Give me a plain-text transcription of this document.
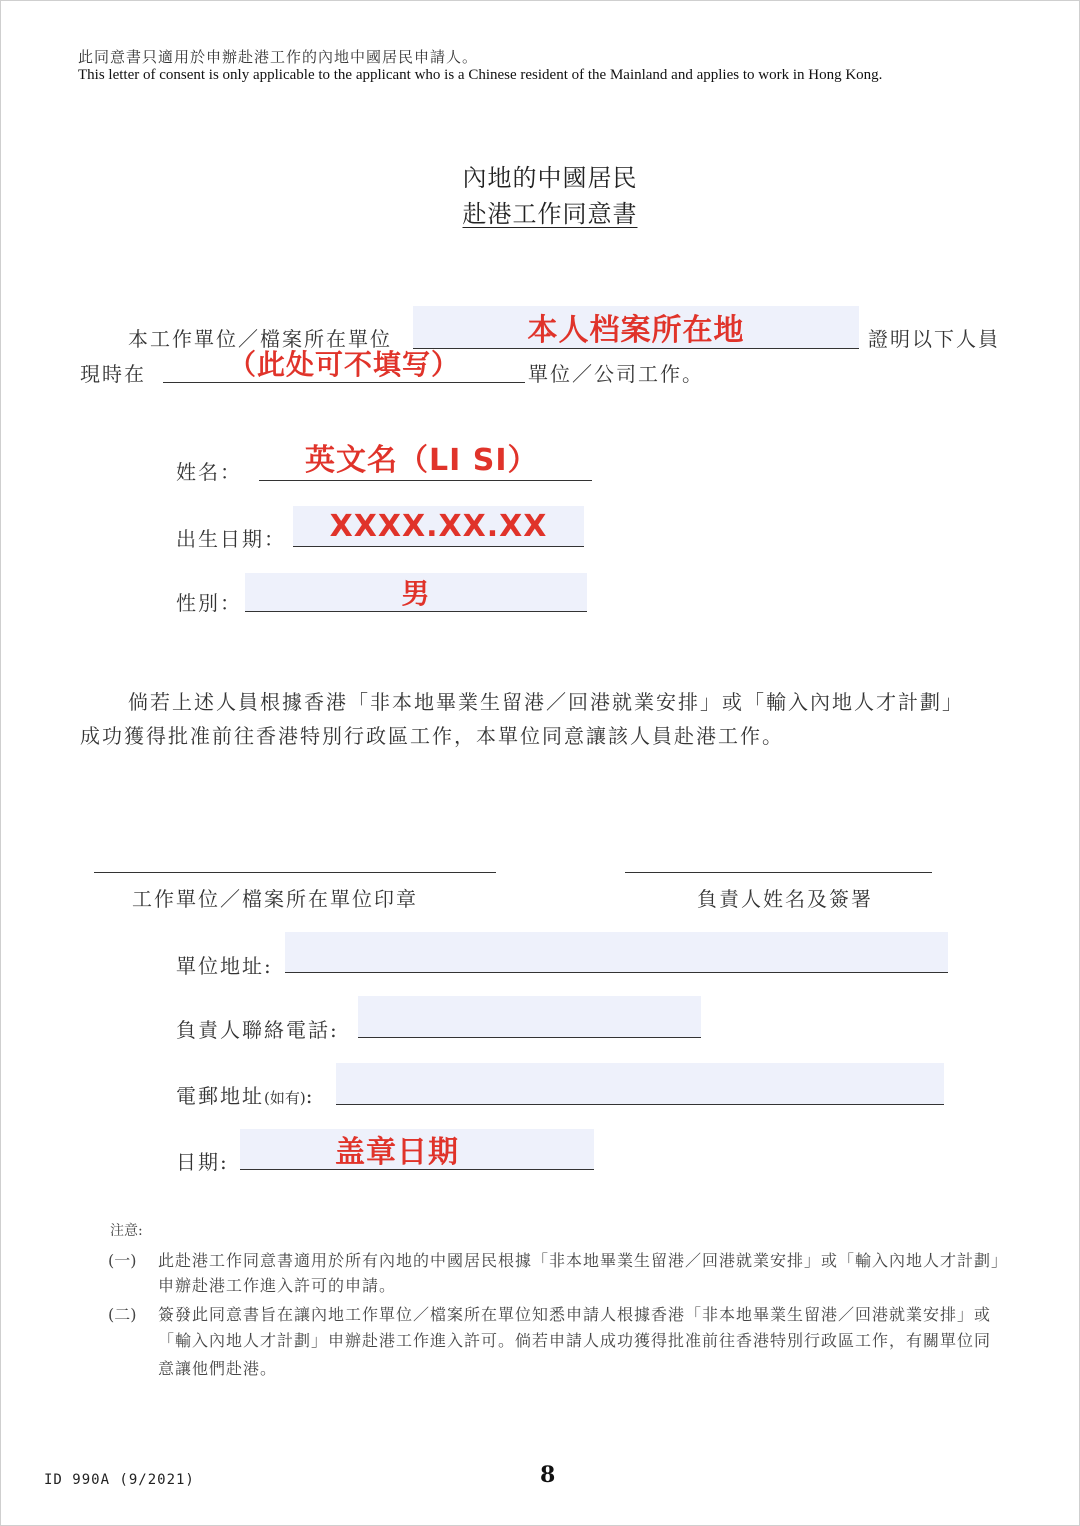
此同意書只適用於申辦赴港工作的內地中國居民申請人。
This letter of consent is only applicable to the applicant who is a Chinese resident of the Mainland and applies to work in Hong Kong.
內地的中國居民
赴港工作同意書
本工作單位／檔案所在單位	本人档案所在地	證明以下人員
現時在	（此处可不填写）	單位／公司工作。
姓名：	英文名（LI SI）
出生日期：	XXXX.XX.XX
性別：	男
倘若上述人員根據香港「非本地畢業生留港／回港就業安排」或「輸入內地人才計劃」
成功獲得批准前往香港特別行政區工作，本單位同意讓該人員赴港工作。
工作單位／檔案所在單位印章	負責人姓名及簽署
單位地址:
負責人聯絡電話:
電郵地址(如有):
日期:	盖章日期
注意:
(一) 此赴港工作同意書適用於所有內地的中國居民根據「非本地畢業生留港／回港就業安排」或「輸入內地人才計劃」
申辦赴港工作進入許可的申請。
(二) 簽發此同意書旨在讓內地工作單位／檔案所在單位知悉申請人根據香港「非本地畢業生留港／回港就業安排」或
「輸入內地人才計劃」申辦赴港工作進入許可。倘若申請人成功獲得批准前往香港特別行政區工作，有關單位同
意讓他們赴港。
ID 990A (9/2021)	8
